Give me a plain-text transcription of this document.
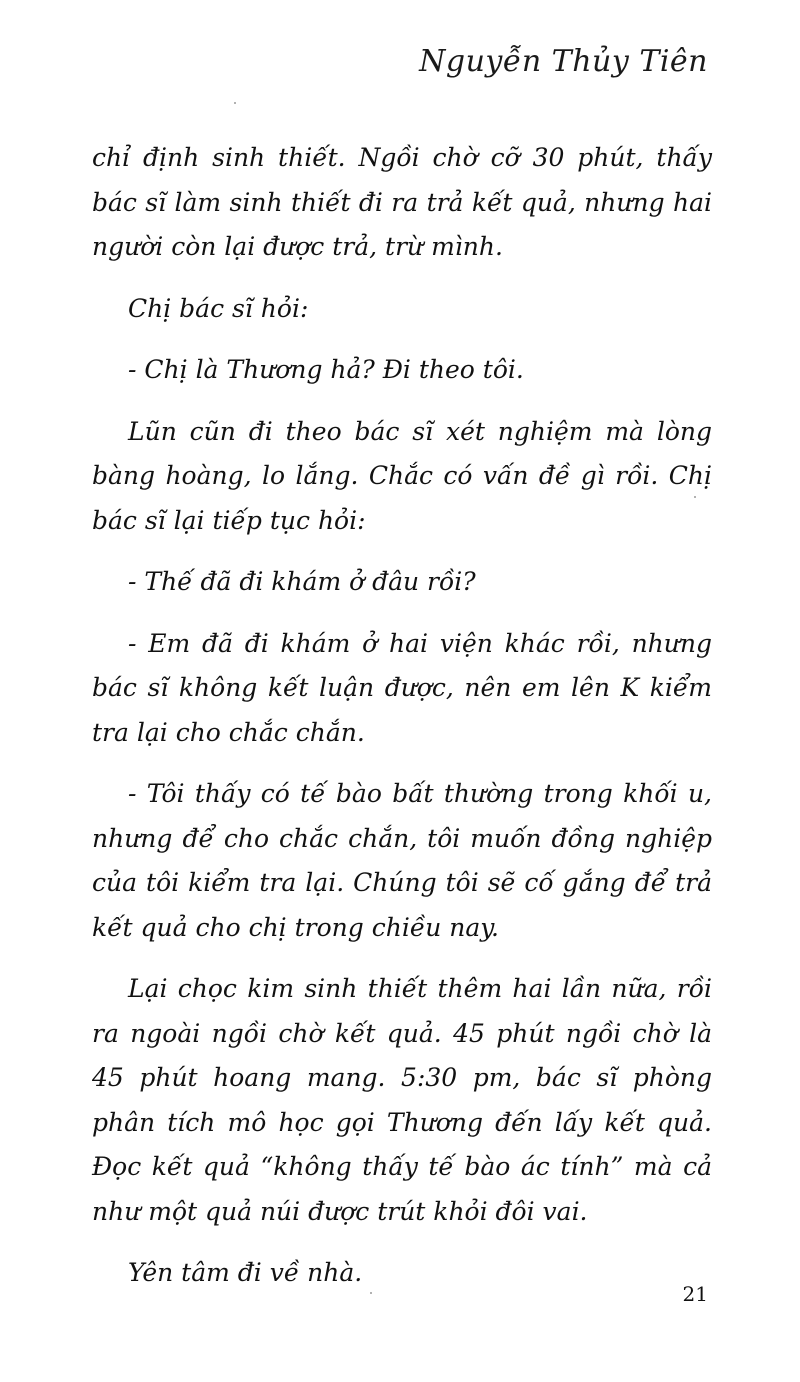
Nguyễn Thủy Tiên

chỉ định sinh thiết. Ngồi chờ cỡ 30 phút, thấy bác sĩ làm sinh thiết đi ra trả kết quả, nhưng hai người còn lại được trả, trừ mình.

Chị bác sĩ hỏi:

- Chị là Thương hả? Đi theo tôi.

Lũn cũn đi theo bác sĩ xét nghiệm mà lòng bàng hoàng, lo lắng. Chắc có vấn đề gì rồi. Chị bác sĩ lại tiếp tục hỏi:

- Thế đã đi khám ở đâu rồi?

- Em đã đi khám ở hai viện khác rồi, nhưng bác sĩ không kết luận được, nên em lên K kiểm tra lại cho chắc chắn.

- Tôi thấy có tế bào bất thường trong khối u, nhưng để cho chắc chắn, tôi muốn đồng nghiệp của tôi kiểm tra lại. Chúng tôi sẽ cố gắng để trả kết quả cho chị trong chiều nay.

Lại chọc kim sinh thiết thêm hai lần nữa, rồi ra ngoài ngồi chờ kết quả. 45 phút ngồi chờ là 45 phút hoang mang. 5:30 pm, bác sĩ phòng phân tích mô học gọi Thương đến lấy kết quả. Đọc kết quả “không thấy tế bào ác tính” mà cả như một quả núi được trút khỏi đôi vai.

Yên tâm đi về nhà.

21
